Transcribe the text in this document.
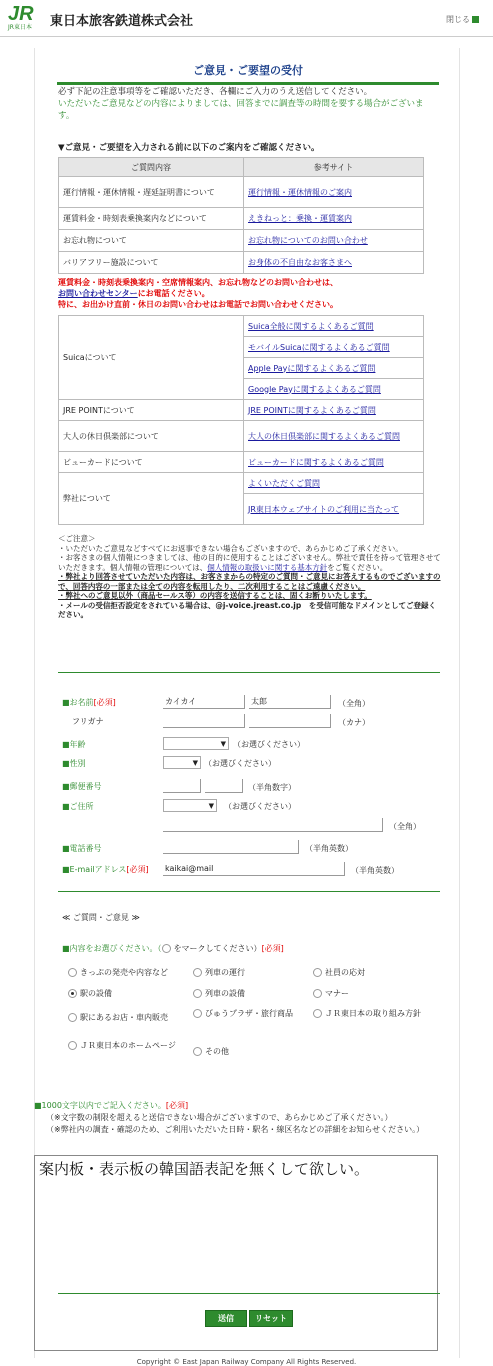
JR
JR東日本	東日本旅客鉄道株式会社	閉じる
ご意見・ご要望の受付
必ず下記の注意事項等をご確認いただき、各欄にご入力のうえ送信してください。
いただいたご意見などの内容によりましては、回答までに調査等の時間を要する場合がございます。
▼ご意見・ご要望を入力される前に以下のご案内をご確認ください。
ご質問内容	参考サイト
運行情報・運休情報・遅延証明書について	運行情報・運休情報のご案内
運賃料金・時刻表乗換案内などについて	えきねっと：乗換・運賃案内
お忘れ物について	お忘れ物についてのお問い合わせ
バリアフリー施設について	お身体の不自由なお客さまへ
運賃料金・時刻表乗換案内・空席情報案内、お忘れ物などのお問い合わせは、
お問い合わせセンターにお電話ください。
特に、お出かけ直前・休日のお問い合わせはお電話でお問い合わせください。
Suicaについて	Suica全般に関するよくあるご質問
	モバイルSuicaに関するよくあるご質問
	Apple Payに関するよくあるご質問
	Google Payに関するよくあるご質問
JRE POINTについて	JRE POINTに関するよくあるご質問
大人の休日倶楽部について	大人の休日倶楽部に関するよくあるご質問
ビューカードについて	ビューカードに関するよくあるご質問
弊社について	よくいただくご質問
	JR東日本ウェブサイトのご利用に当たって
＜ご注意＞
・いただいたご意見などすべてにお返事できない場合もございますので、あらかじめご了承ください。
・お客さまの個人情報につきましては、他の目的に使用することはございません。弊社で責任を持って管理させていただきます。個人情報の管理については、個人情報の取扱いに関する基本方針をご覧ください。
・弊社より回答させていただいた内容は、お客さまからの特定のご質問・ご意見にお答えするものでございますので、回答内容の一部または全ての内容を転用したり、二次利用することはご遠慮ください。
・弊社へのご意見以外（商品セールス等）の内容を送信することは、固くお断りいたします。
・メールの受信拒否設定をされている場合は、@j-voice.jreast.co.jp　を受信可能なドメインとしてご登録ください。
■お名前[必須]
カイカイ
太郎	（全角）
フリガナ	（カナ）
■年齢	▼ （お選びください）
■性別	▼ （お選びください）
■郵便番号	（半角数字）
■ご住所	▼ （お選びください）
（全角）
■電話番号	（半角英数）
■E-mailアドレス[必須]
kaikai@mail	（半角英数）
≪ ご質問・ご意見 ≫
■内容をお選びください。（ をマークしてください）[必須]
きっぷの発売や内容など	列車の運行	社員の応対
駅の設備	列車の設備	マナー
駅にあるお店・車内販売	びゅうプラザ・旅行商品	ＪＲ東日本の取り組み方針
ＪＲ東日本のホームページ
その他
■1000文字以内でご記入ください。[必須]
（※文字数の制限を超えると送信できない場合がございますので、あらかじめご了承ください。）
（※弊社内の調査・確認のため、ご利用いただいた日時・駅名・線区名などの詳細をお知らせください。）
案内板・表示板の韓国語表記を無くして欲しい。
送信	リセット
Copyright © East Japan Railway Company All Rights Reserved.
